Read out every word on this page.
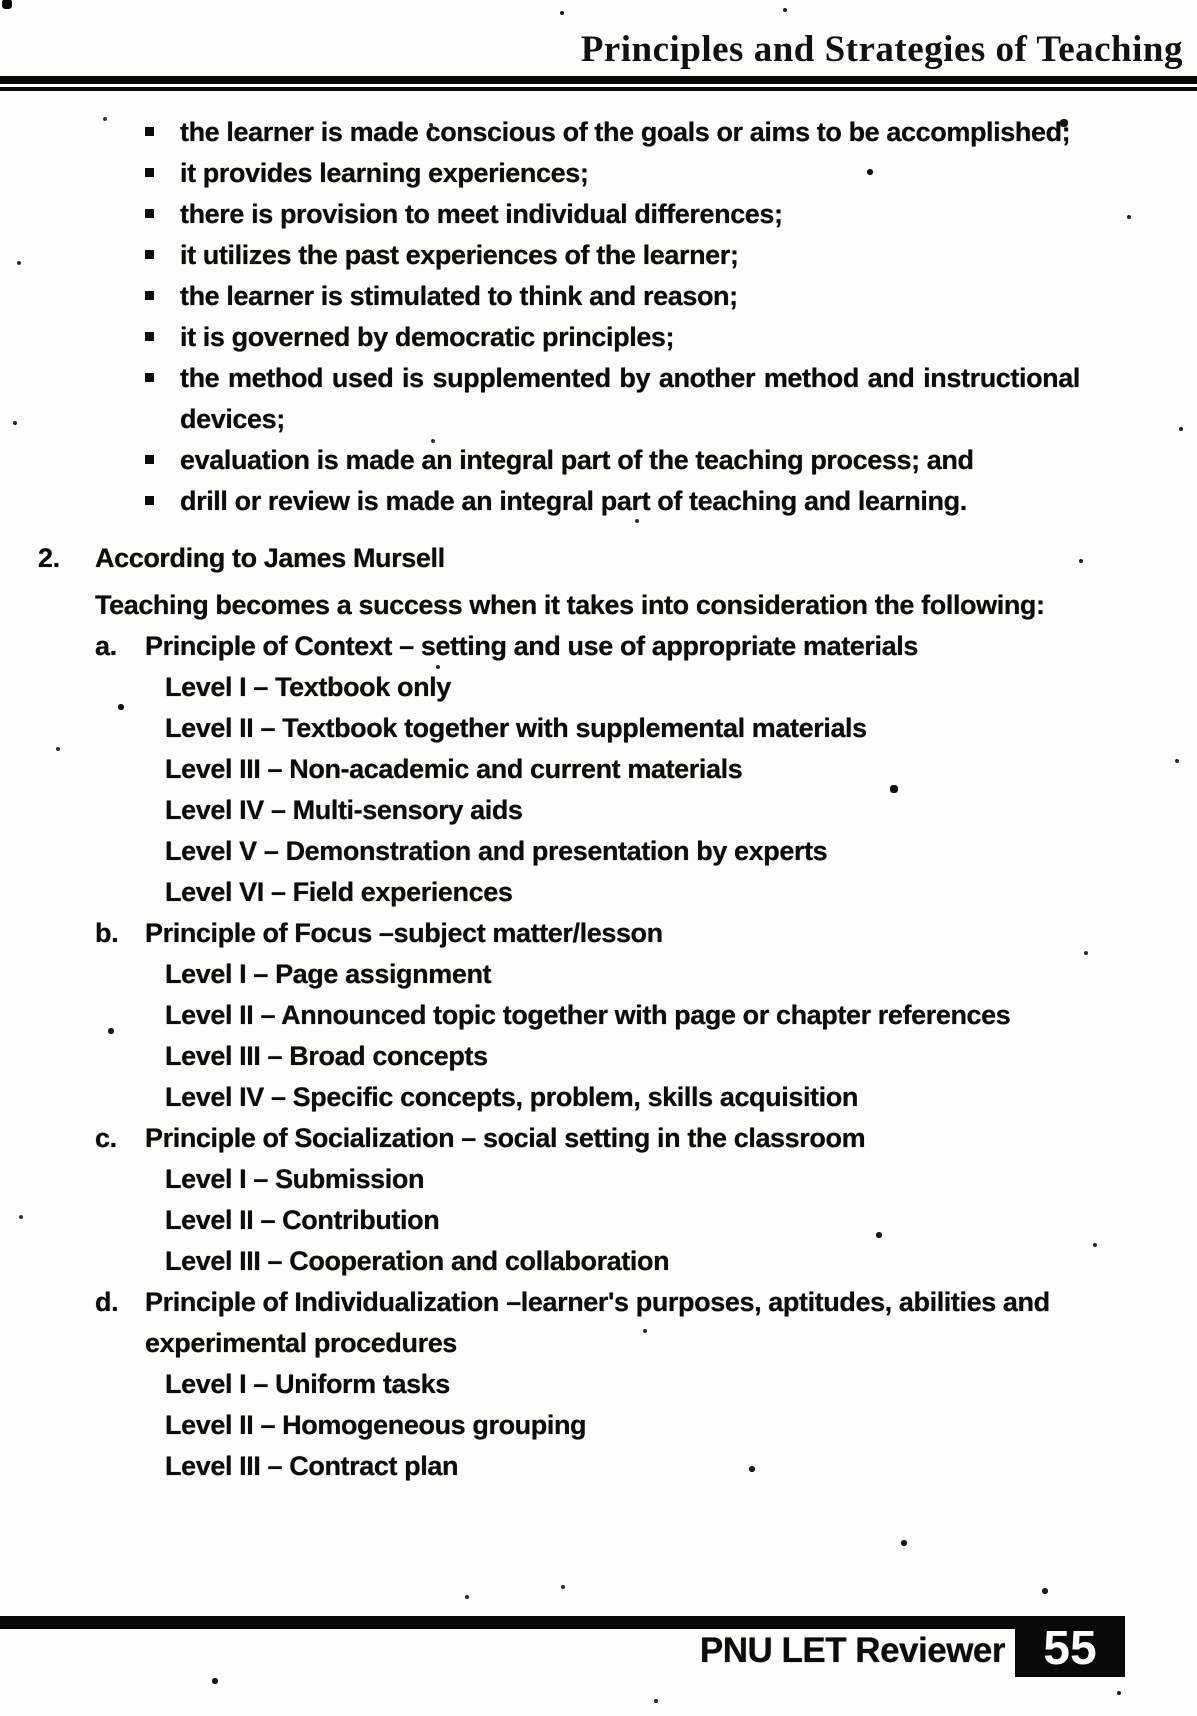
Principles and Strategies of Teaching
the learner is made conscious of the goals or aims to be accomplished;
it provides learning experiences;
there is provision to meet individual differences;
it utilizes the past experiences of the learner;
the learner is stimulated to think and reason;
it is governed by democratic principles;
the method used is supplemented by another method and instructional devices;
evaluation is made an integral part of the teaching process; and
drill or review is made an integral part of teaching and learning.
2.	According to James Mursell
Teaching becomes a success when it takes into consideration the following:
a.	Principle of Context – setting and use of appropriate materials
Level I – Textbook only
Level II – Textbook together with supplemental materials
Level III – Non-academic and current materials
Level IV – Multi-sensory aids
Level V – Demonstration and presentation by experts
Level VI – Field experiences
b. Principle of Focus –subject matter/lesson
Level I – Page assignment
Level II – Announced topic together with page or chapter references
Level III – Broad concepts
Level IV – Specific concepts, problem, skills acquisition
c.	Principle of Socialization – social setting in the classroom
Level I – Submission
Level II – Contribution
Level III – Cooperation and collaboration
d. Principle of Individualization –learner's purposes, aptitudes, abilities and experimental procedures
Level I – Uniform tasks
Level II – Homogeneous grouping
Level III – Contract plan
PNU LET Reviewer 55
